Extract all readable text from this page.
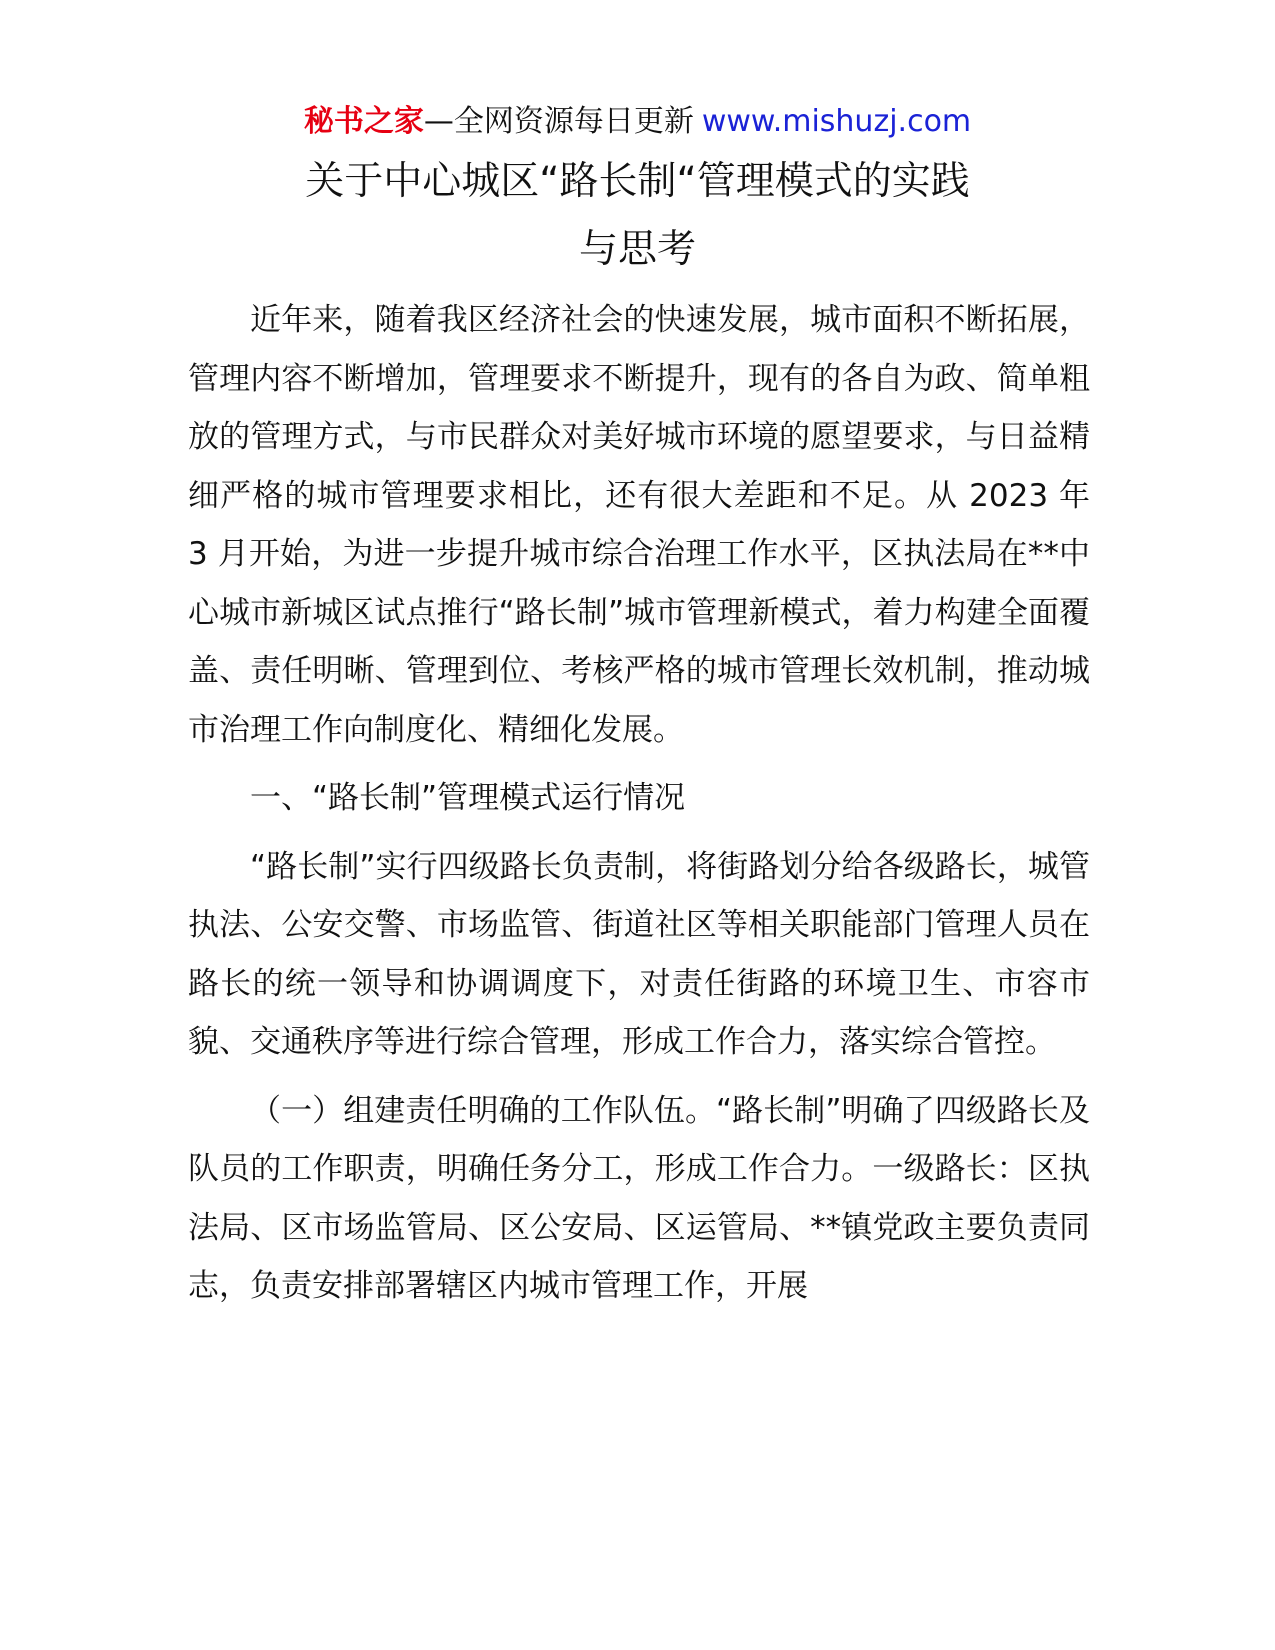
秘书之家—全网资源每日更新 www.mishuzj.com
关于中心城区“路长制“管理模式的实践
与思考

近年来，随着我区经济社会的快速发展，城市面积不断拓展，管理内容不断增加，管理要求不断提升，现有的各自为政、简单粗放的管理方式，与市民群众对美好城市环境的愿望要求，与日益精细严格的城市管理要求相比，还有很大差距和不足。从 2023 年 3 月开始，为进一步提升城市综合治理工作水平，区执法局在**中心城市新城区试点推行“路长制”城市管理新模式，着力构建全面覆盖、责任明晰、管理到位、考核严格的城市管理长效机制，推动城市治理工作向制度化、精细化发展。

一、“路长制”管理模式运行情况

“路长制”实行四级路长负责制，将街路划分给各级路长，城管执法、公安交警、市场监管、街道社区等相关职能部门管理人员在路长的统一领导和协调调度下，对责任街路的环境卫生、市容市貌、交通秩序等进行综合管理，形成工作合力，落实综合管控。

（一）组建责任明确的工作队伍。“路长制”明确了四级路长及队员的工作职责，明确任务分工，形成工作合力。一级路长：区执法局、区市场监管局、区公安局、区运管局、**镇党政主要负责同志，负责安排部署辖区内城市管理工作，开展
